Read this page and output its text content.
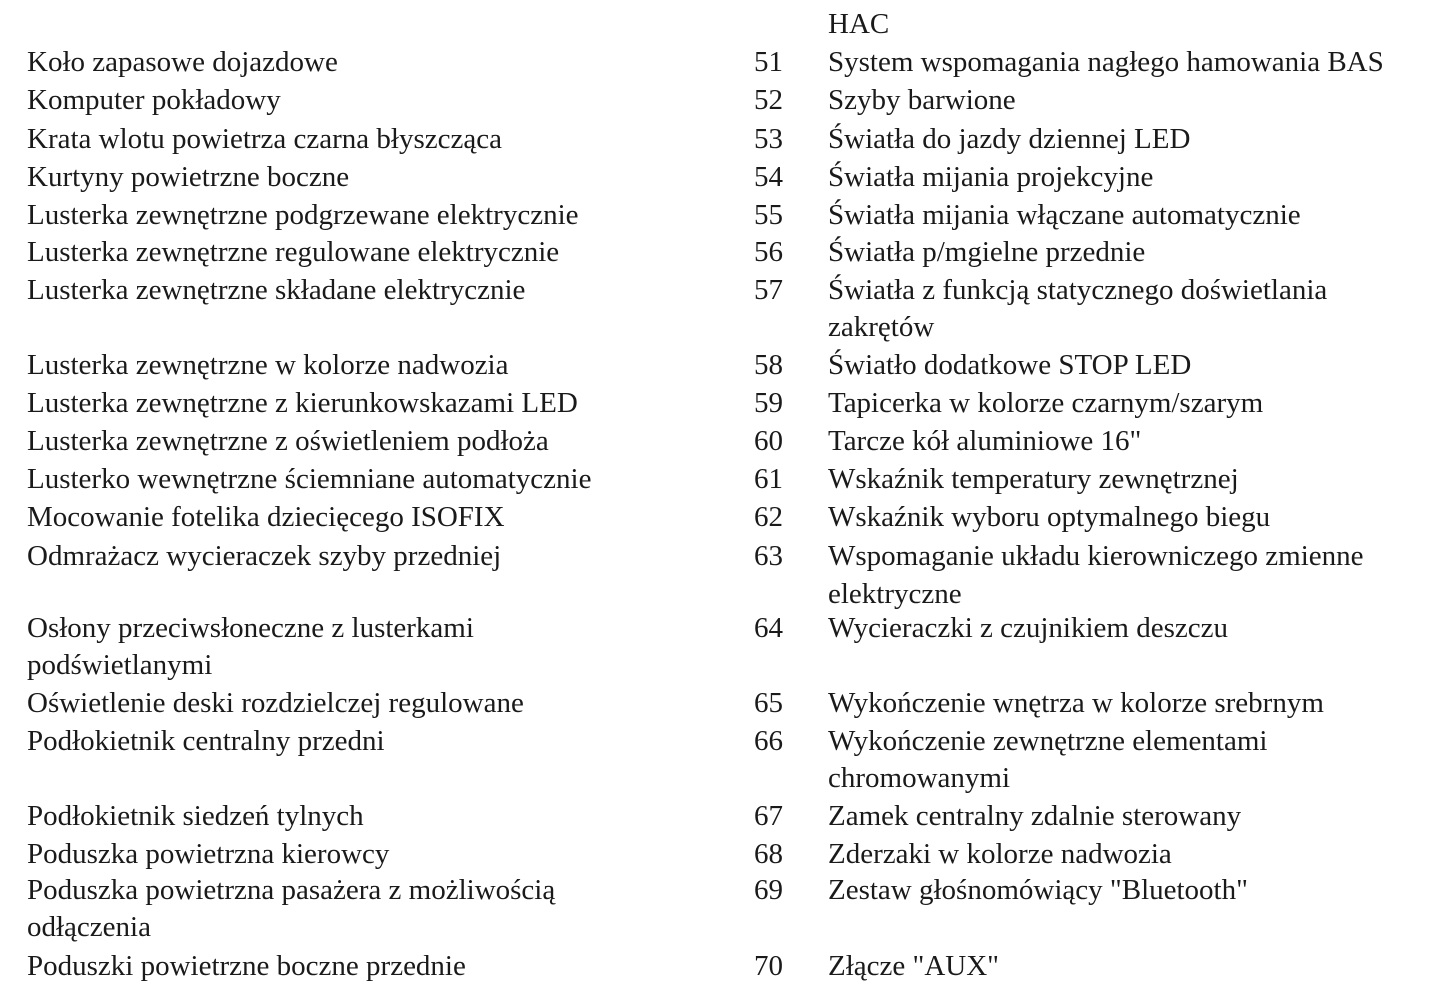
Koło zapasowe dojazdowe
Komputer pokładowy
Krata wlotu powietrza czarna błyszcząca
Kurtyny powietrzne boczne
Lusterka zewnętrzne podgrzewane elektrycznie
Lusterka zewnętrzne regulowane elektrycznie
Lusterka zewnętrzne składane elektrycznie
Lusterka zewnętrzne w kolorze nadwozia
Lusterka zewnętrzne z kierunkowskazami LED
Lusterka zewnętrzne z oświetleniem podłoża
Lusterko wewnętrzne ściemniane automatycznie
Mocowanie fotelika dziecięcego ISOFIX
Odmrażacz wycieraczek szyby przedniej
Osłony przeciwsłoneczne z lusterkami
podświetlanymi
Oświetlenie deski rozdzielczej regulowane
Podłokietnik centralny przedni
Podłokietnik siedzeń tylnych
Poduszka powietrzna kierowcy
Poduszka powietrzna pasażera z możliwością
odłączenia
Poduszki powietrzne boczne przednie
HAC
51 System wspomagania nagłego hamowania BAS
52 Szyby barwione
53 Światła do jazdy dziennej LED
54 Światła mijania projekcyjne
55 Światła mijania włączane automatycznie
56 Światła p/mgielne przednie
57 Światła z funkcją statycznego doświetlania
zakrętów
58 Światło dodatkowe STOP LED
59 Tapicerka w kolorze czarnym/szarym
60 Tarcze kół aluminiowe 16"
61 Wskaźnik temperatury zewnętrznej
62 Wskaźnik wyboru optymalnego biegu
63 Wspomaganie układu kierowniczego zmienne
elektryczne
64 Wycieraczki z czujnikiem deszczu
65 Wykończenie wnętrza w kolorze srebrnym
66 Wykończenie zewnętrzne elementami
chromowanymi
67 Zamek centralny zdalnie sterowany
68 Zderzaki w kolorze nadwozia
69 Zestaw głośnomówiący "Bluetooth"
70 Złącze "AUX"
